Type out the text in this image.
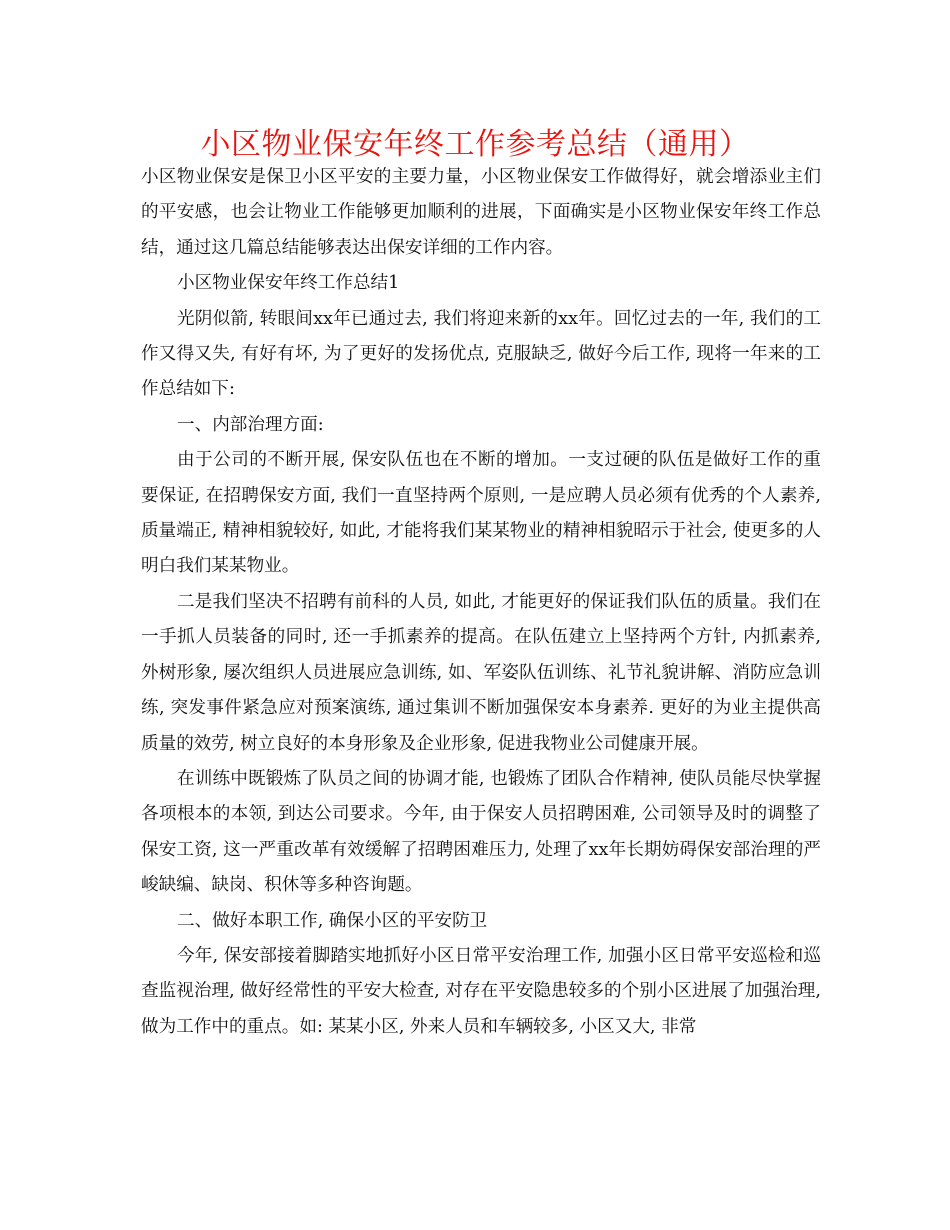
小区物业保安年终工作参考总结（通用）

小区物业保安是保卫小区平安的主要力量，小区物业保安工作做得好，就会增添业主们的平安感，也会让物业工作能够更加顺利的进展，下面确实是小区物业保安年终工作总结，通过这几篇总结能够表达出保安详细的工作内容。

小区物业保安年终工作总结1

光阴似箭, 转眼间xx年已通过去, 我们将迎来新的xx年。回忆过去的一年, 我们的工作又得又失, 有好有坏, 为了更好的发扬优点, 克服缺乏, 做好今后工作, 现将一年来的工作总结如下:

一、内部治理方面:

由于公司的不断开展, 保安队伍也在不断的增加。一支过硬的队伍是做好工作的重要保证, 在招聘保安方面, 我们一直坚持两个原则, 一是应聘人员必须有优秀的个人素养, 质量端正, 精神相貌较好, 如此, 才能将我们某某物业的精神相貌昭示于社会, 使更多的人明白我们某某物业。

二是我们坚决不招聘有前科的人员, 如此, 才能更好的保证我们队伍的质量。我们在一手抓人员装备的同时, 还一手抓素养的提高。在队伍建立上坚持两个方针, 内抓素养, 外树形象, 屡次组织人员进展应急训练, 如、军姿队伍训练、礼节礼貌讲解、消防应急训练, 突发事件紧急应对预案演练, 通过集训不断加强保安本身素养. 更好的为业主提供高质量的效劳, 树立良好的本身形象及企业形象, 促进我物业公司健康开展。

在训练中既锻炼了队员之间的协调才能, 也锻炼了团队合作精神, 使队员能尽快掌握各项根本的本领, 到达公司要求。今年, 由于保安人员招聘困难, 公司领导及时的调整了保安工资, 这一严重改革有效缓解了招聘困难压力, 处理了xx年长期妨碍保安部治理的严峻缺编、缺岗、积休等多种咨询题。

二、做好本职工作, 确保小区的平安防卫

今年, 保安部接着脚踏实地抓好小区日常平安治理工作, 加强小区日常平安巡检和巡查监视治理, 做好经常性的平安大检查, 对存在平安隐患较多的个别小区进展了加强治理, 做为工作中的重点。如: 某某小区, 外来人员和车辆较多, 小区又大, 非常
